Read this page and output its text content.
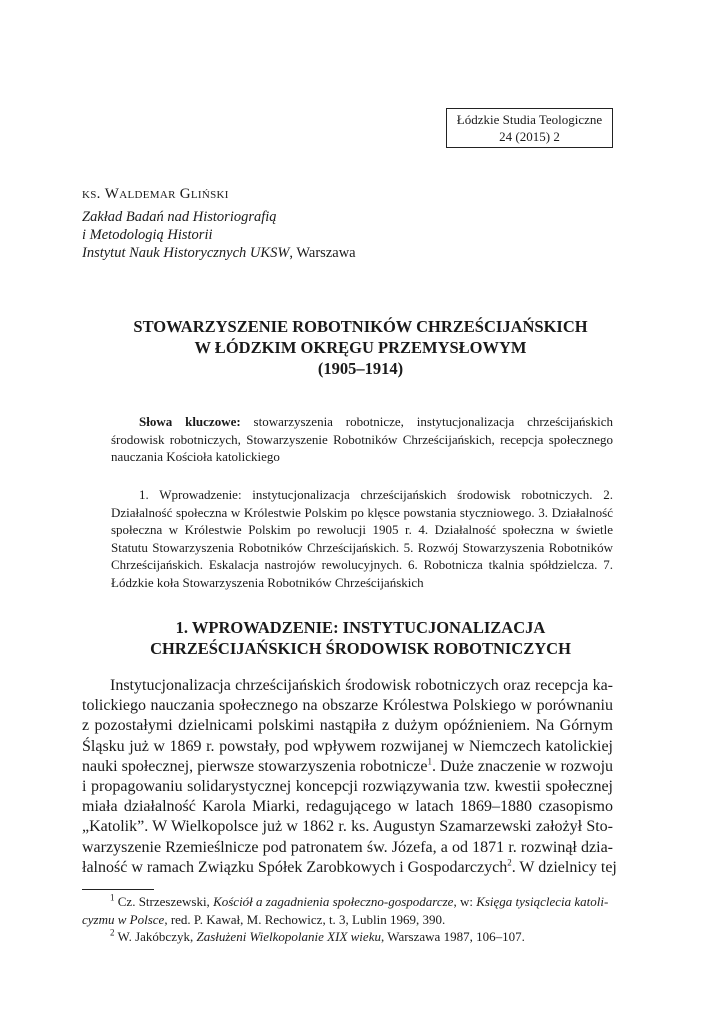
Łódzkie Studia Teologiczne
24 (2015) 2
ks. Waldemar Gliński
Zakład Badań nad Historiografią
i Metodologią Historii
Instytut Nauk Historycznych UKSW, Warszawa
STOWARZYSZENIE ROBOTNIKÓW CHRZEŚCIJAŃSKICH
W ŁÓDZKIM OKRĘGU PRZEMYSŁOWYM
(1905–1914)
Słowa kluczowe: stowarzyszenia robotnicze, instytucjonalizacja chrześcijańskich środowisk robotniczych, Stowarzyszenie Robotników Chrześcijańskich, recepcja społecznego nauczania Kościoła katolickiego
1. Wprowadzenie: instytucjonalizacja chrześcijańskich środowisk robotniczych. 2. Działalność społeczna w Królestwie Polskim po klęsce powstania styczniowego. 3. Działalność społeczna w Królestwie Polskim po rewolucji 1905 r. 4. Działalność społeczna w świetle Statutu Stowarzyszenia Robotników Chrześcijańskich. 5. Rozwój Stowarzyszenia Robotników Chrześcijańskich. Eskalacja nastrojów rewolucyjnych. 6. Robotnicza tkalnia spółdzielcza. 7. Łódzkie koła Stowarzyszenia Robotników Chrześcijańskich
1. WPROWADZENIE: INSTYTUCJONALIZACJA
CHRZEŚCIJAŃSKICH ŚRODOWISK ROBOTNICZYCH
Instytucjonalizacja chrześcijańskich środowisk robotniczych oraz recepcja ka-
tolickiego nauczania społecznego na obszarze Królestwa Polskiego w porównaniu
z pozostałymi dzielnicami polskimi nastąpiła z dużym opóźnieniem. Na Górnym
Śląsku już w 1869 r. powstały, pod wpływem rozwijanej w Niemczech katolickiej
nauki społecznej, pierwsze stowarzyszenia robotnicze$^1$. Duże znaczenie w rozwoju
i propagowaniu solidarystycznej koncepcji rozwiązywania tzw. kwestii społecznej
miała działalność Karola Miarki, redagującego w latach 1869–1880 czasopismo
„Katolik”. W Wielkopolsce już w 1862 r. ks. Augustyn Szamarzewski założył Sto-
warzyszenie Rzemieślnicze pod patronatem św. Józefa, a od 1871 r. rozwinął dzia-
łalność w ramach Związku Spółek Zarobkowych i Gospodarczych$^2$. W dzielnicy tej
$^1$ Cz. Strzeszewski, Kościół a zagadnienia społeczno-gospodarcze, w: Księga tysiąclecia katoli-
cyzmu w Polsce, red. P. Kawał, M. Rechowicz, t. 3, Lublin 1969, 390.
$^2$ W. Jakóbczyk, Zasłużeni Wielkopolanie XIX wieku, Warszawa 1987, 106–107.
